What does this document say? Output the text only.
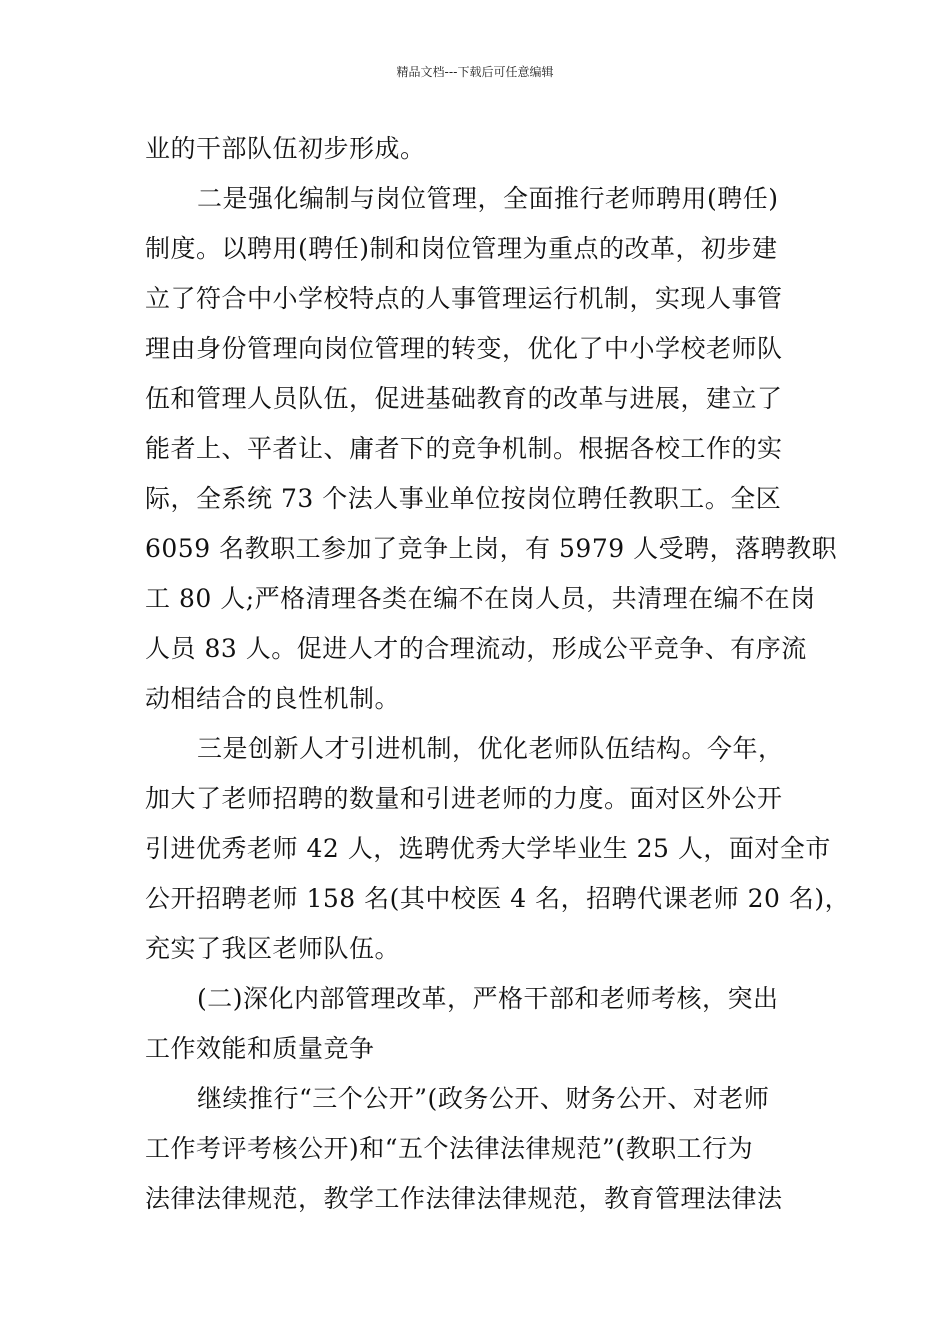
精品文档---下载后可任意编辑

业的干部队伍初步形成。

二是强化编制与岗位管理，全面推行老师聘用(聘任)
制度。以聘用(聘任)制和岗位管理为重点的改革，初步建
立了符合中小学校特点的人事管理运行机制，实现人事管
理由身份管理向岗位管理的转变，优化了中小学校老师队
伍和管理人员队伍，促进基础教育的改革与进展，建立了
能者上、平者让、庸者下的竞争机制。根据各校工作的实
际，全系统 73 个法人事业单位按岗位聘任教职工。全区
6059 名教职工参加了竞争上岗，有 5979 人受聘，落聘教职
工 80 人;严格清理各类在编不在岗人员，共清理在编不在岗
人员 83 人。促进人才的合理流动，形成公平竞争、有序流
动相结合的良性机制。

三是创新人才引进机制，优化老师队伍结构。今年，
加大了老师招聘的数量和引进老师的力度。面对区外公开
引进优秀老师 42 人，选聘优秀大学毕业生 25 人，面对全市
公开招聘老师 158 名(其中校医 4 名，招聘代课老师 20 名)，
充实了我区老师队伍。

(二)深化内部管理改革，严格干部和老师考核，突出
工作效能和质量竞争

继续推行“三个公开”(政务公开、财务公开、对老师
工作考评考核公开)和“五个法律法律规范”(教职工行为
法律法律规范，教学工作法律法律规范，教育管理法律法
